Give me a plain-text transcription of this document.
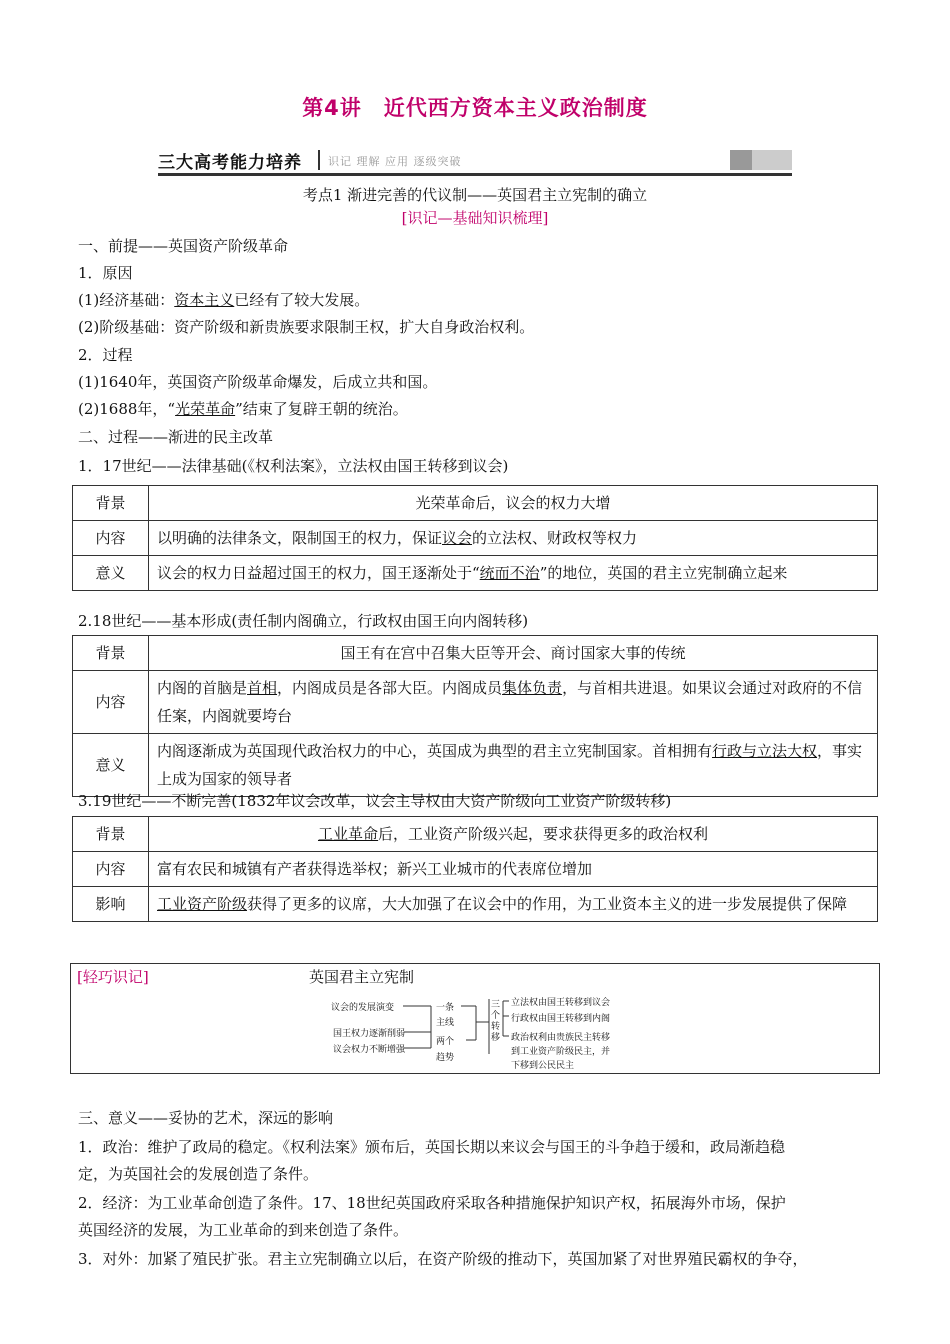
第4讲　近代西方资本主义政治制度
三大高考能力培养 识记 理解 应用 逐级突破
考点1 渐进完善的代议制——英国君主立宪制的确立
[识记—基础知识梳理]
一、前提——英国资产阶级革命
1．原因
(1)经济基础：资本主义已经有了较大发展。
(2)阶级基础：资产阶级和新贵族要求限制王权，扩大自身政治权利。
2．过程
(1)1640年，英国资产阶级革命爆发，后成立共和国。
(2)1688年，“光荣革命”结束了复辟王朝的统治。
二、过程——渐进的民主改革
1．17世纪——法律基础(《权利法案》，立法权由国王转移到议会)
背景	光荣革命后，议会的权力大增
内容	以明确的法律条文，限制国王的权力，保证议会的立法权、财政权等权力
意义	议会的权力日益超过国王的权力，国王逐渐处于“统而不治”的地位，英国的君主立宪制确立起来
2.18世纪——基本形成(责任制内阁确立，行政权由国王向内阁转移)
背景	国王有在宫中召集大臣等开会、商讨国家大事的传统
内容	内阁的首脑是首相，内阁成员是各部大臣。内阁成员集体负责，与首相共进退。如果议会通过对政府的不信任案，内阁就要垮台
意义	内阁逐渐成为英国现代政治权力的中心，英国成为典型的君主立宪制国家。首相拥有行政与立法大权，事实上成为国家的领导者
3.19世纪——不断完善(1832年议会改革，议会主导权由大资产阶级向工业资产阶级转移)
背景	工业革命后，工业资产阶级兴起，要求获得更多的政治权利
内容	富有农民和城镇有产者获得选举权；新兴工业城市的代表席位增加
影响	工业资产阶级获得了更多的议席，大大加强了在议会中的作用，为工业资本主义的进一步发展提供了保障
[轻巧识记]	英国君主立宪制
议会的发展演变
国王权力逐渐削弱
议会权力不断增强
一条
主线
两个
趋势
三个转移
立法权由国王转移到议会
行政权由国王转移到内阁
政治权利由贵族民主转移
到工业资产阶级民主，并
下移到公民民主
三、意义——妥协的艺术，深远的影响
1．政治：维护了政局的稳定。《权利法案》颁布后，英国长期以来议会与国王的斗争趋于缓和，政局渐趋稳
定，为英国社会的发展创造了条件。
2．经济：为工业革命创造了条件。17、18世纪英国政府采取各种措施保护知识产权，拓展海外市场，保护
英国经济的发展，为工业革命的到来创造了条件。
3．对外：加紧了殖民扩张。君主立宪制确立以后，在资产阶级的推动下，英国加紧了对世界殖民霸权的争夺，
